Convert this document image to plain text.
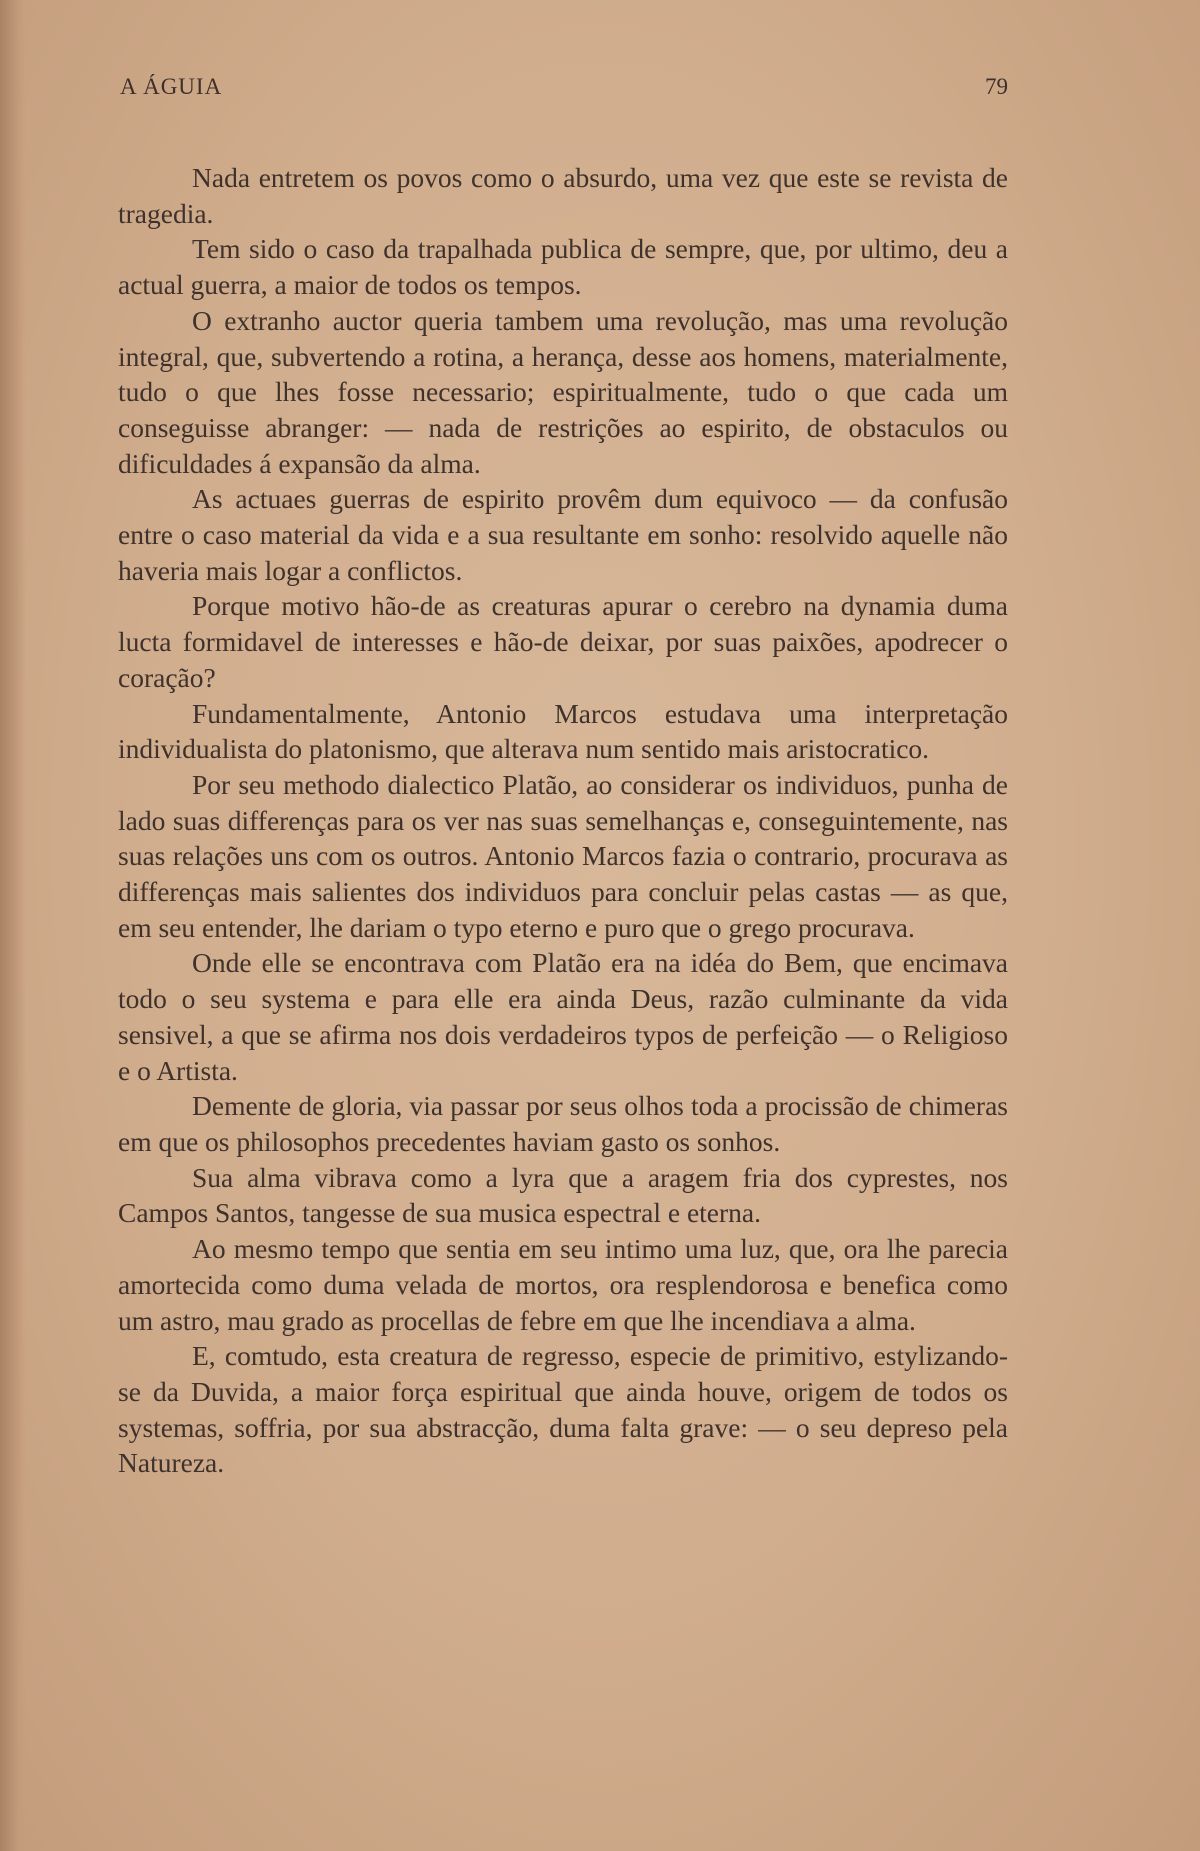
A ÁGUIA	79

Nada entretem os povos como o absurdo, uma vez que este se revista de tragedia.

Tem sido o caso da trapalhada publica de sempre, que, por ultimo, deu a actual guerra, a maior de todos os tempos.

O extranho auctor queria tambem uma revolução, mas uma revolução integral, que, subvertendo a rotina, a herança, desse aos homens, materialmente, tudo o que lhes fosse necessario; espiritualmente, tudo o que cada um conseguisse abranger: — nada de restrições ao espirito, de obstaculos ou dificuldades á expansão da alma.

As actuaes guerras de espirito provêm dum equivoco — da confusão entre o caso material da vida e a sua resultante em sonho: resolvido aquelle não haveria mais logar a conflictos.

Porque motivo hão-de as creaturas apurar o cerebro na dynamia duma lucta formidavel de interesses e hão-de deixar, por suas paixões, apodrecer o coração?

Fundamentalmente, Antonio Marcos estudava uma interpretação individualista do platonismo, que alterava num sentido mais aristocratico.

Por seu methodo dialectico Platão, ao considerar os individuos, punha de lado suas differenças para os ver nas suas semelhanças e, conseguintemente, nas suas relações uns com os outros. Antonio Marcos fazia o contrario, procurava as differenças mais salientes dos individuos para concluir pelas castas — as que, em seu entender, lhe dariam o typo eterno e puro que o grego procurava.

Onde elle se encontrava com Platão era na idéa do Bem, que encimava todo o seu systema e para elle era ainda Deus, razão culminante da vida sensivel, a que se afirma nos dois verdadeiros typos de perfeição — o Religioso e o Artista.

Demente de gloria, via passar por seus olhos toda a procissão de chimeras em que os philosophos precedentes haviam gasto os sonhos.

Sua alma vibrava como a lyra que a aragem fria dos cyprestes, nos Campos Santos, tangesse de sua musica espectral e eterna.

Ao mesmo tempo que sentia em seu intimo uma luz, que, ora lhe parecia amortecida como duma velada de mortos, ora resplendorosa e benefica como um astro, mau grado as procellas de febre em que lhe incendiava a alma.

E, comtudo, esta creatura de regresso, especie de primitivo, estylizando-se da Duvida, a maior força espiritual que ainda houve, origem de todos os systemas, soffria, por sua abstracção, duma falta grave: — o seu depreso pela Natureza.
